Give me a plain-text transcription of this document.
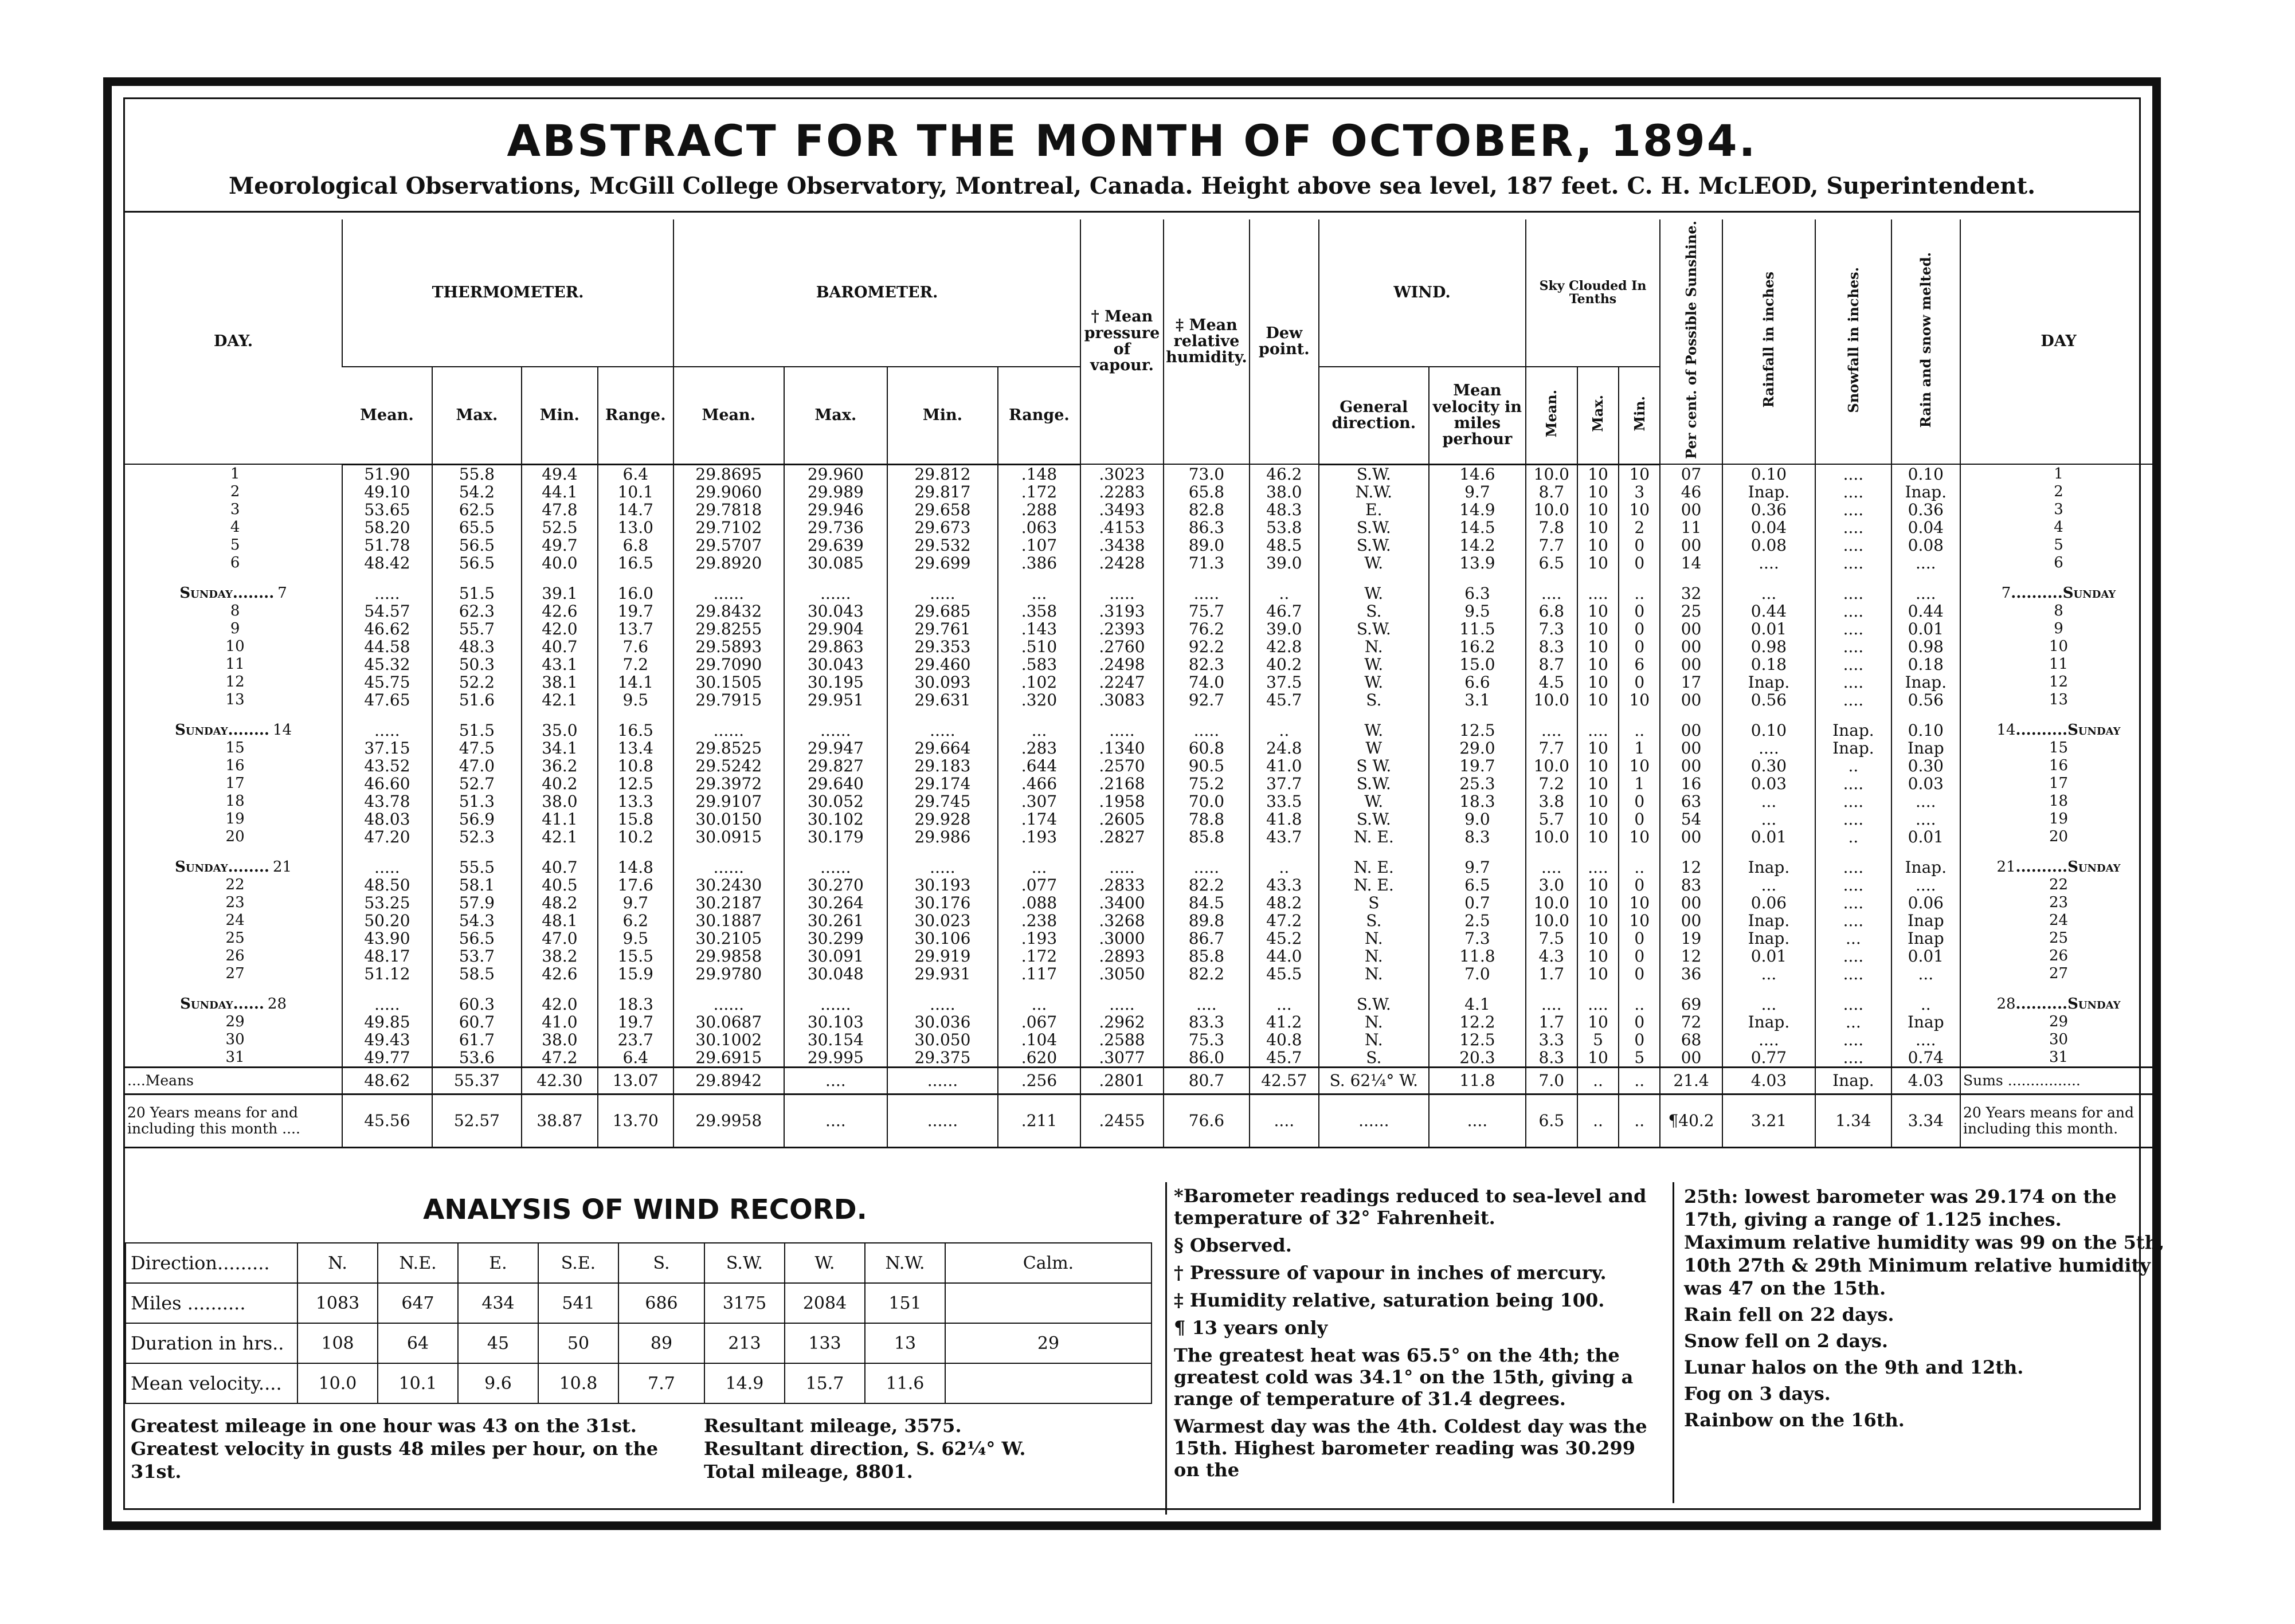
ABSTRACT FOR THE MONTH OF OCTOBER, 1894.
Meorological Observations, McGill College Observatory, Montreal, Canada. Height above sea level, 187 feet. C. H. McLEOD, Superintendent.
DAY.	THERMOMETER.				BAROMETER.				† Mean pressure of vapour.	‡ Mean relative humidity.	Dew point.	WIND.		Sky Clouded In Tenths			Per cent. of Possible Sunshine.	Rainfall in inches	Snowfall in inches.	Rain and snow melted.	DAY
	Mean.	Max.	Min.	Range.	Mean.	Max.	Min.	Range.				General direction.	Mean velocity in miles perhour	Mean.	Max.	Min.					
1	51.90	55.8	49.4	6.4	29.8695	29.960	29.812	.148	.3023	73.0	46.2	S.W.	14.6	10.0	10	10	07	0.10	....	0.10	1
2	49.10	54.2	44.1	10.1	29.9060	29.989	29.817	.172	.2283	65.8	38.0	N.W.	9.7	8.7	10	3	46	Inap.	....	Inap.	2
3	53.65	62.5	47.8	14.7	29.7818	29.946	29.658	.288	.3493	82.8	48.3	E.	14.9	10.0	10	10	00	0.36	....	0.36	3
4	58.20	65.5	52.5	13.0	29.7102	29.736	29.673	.063	.4153	86.3	53.8	S.W.	14.5	7.8	10	2	11	0.04	....	0.04	4
5	51.78	56.5	49.7	6.8	29.5707	29.639	29.532	.107	.3438	89.0	48.5	S.W.	14.2	7.7	10	0	00	0.08	....	0.08	5
6	48.42	56.5	40.0	16.5	29.8920	30.085	29.699	.386	.2428	71.3	39.0	W.	13.9	6.5	10	0	14	....	....	....	6

Sunday........ 7	.....	51.5	39.1	16.0	......	......	.....	...	.....	.....	..	W.	6.3	....	....	..	32	...	....	....	7..........Sunday
8	54.57	62.3	42.6	19.7	29.8432	30.043	29.685	.358	.3193	75.7	46.7	S.	9.5	6.8	10	0	25	0.44	....	0.44	8
9	46.62	55.7	42.0	13.7	29.8255	29.904	29.761	.143	.2393	76.2	39.0	S.W.	11.5	7.3	10	0	00	0.01	....	0.01	9
10	44.58	48.3	40.7	7.6	29.5893	29.863	29.353	.510	.2760	92.2	42.8	N.	16.2	8.3	10	0	00	0.98	....	0.98	10
11	45.32	50.3	43.1	7.2	29.7090	30.043	29.460	.583	.2498	82.3	40.2	W.	15.0	8.7	10	6	00	0.18	....	0.18	11
12	45.75	52.2	38.1	14.1	30.1505	30.195	30.093	.102	.2247	74.0	37.5	W.	6.6	4.5	10	0	17	Inap.	....	Inap.	12
13	47.65	51.6	42.1	9.5	29.7915	29.951	29.631	.320	.3083	92.7	45.7	S.	3.1	10.0	10	10	00	0.56	....	0.56	13

Sunday........ 14	.....	51.5	35.0	16.5	......	......	.....	...	.....	.....	..	W.	12.5	....	....	..	00	0.10	Inap.	0.10	14..........Sunday
15	37.15	47.5	34.1	13.4	29.8525	29.947	29.664	.283	.1340	60.8	24.8	W	29.0	7.7	10	1	00	....	Inap.	Inap	15
16	43.52	47.0	36.2	10.8	29.5242	29.827	29.183	.644	.2570	90.5	41.0	S W.	19.7	10.0	10	10	00	0.30	..	0.30	16
17	46.60	52.7	40.2	12.5	29.3972	29.640	29.174	.466	.2168	75.2	37.7	S.W.	25.3	7.2	10	1	16	0.03	....	0.03	17
18	43.78	51.3	38.0	13.3	29.9107	30.052	29.745	.307	.1958	70.0	33.5	W.	18.3	3.8	10	0	63	...	....	....	18
19	48.03	56.9	41.1	15.8	30.0150	30.102	29.928	.174	.2605	78.8	41.8	S.W.	9.0	5.7	10	0	54	...	....	....	19
20	47.20	52.3	42.1	10.2	30.0915	30.179	29.986	.193	.2827	85.8	43.7	N. E.	8.3	10.0	10	10	00	0.01	..	0.01	20

Sunday........ 21	.....	55.5	40.7	14.8	......	......	.....	...	.....	.....	..	N. E.	9.7	....	....	..	12	Inap.	....	Inap.	21..........Sunday
22	48.50	58.1	40.5	17.6	30.2430	30.270	30.193	.077	.2833	82.2	43.3	N. E.	6.5	3.0	10	0	83	...	....	....	22
23	53.25	57.9	48.2	9.7	30.2187	30.264	30.176	.088	.3400	84.5	48.2	S	0.7	10.0	10	10	00	0.06	....	0.06	23
24	50.20	54.3	48.1	6.2	30.1887	30.261	30.023	.238	.3268	89.8	47.2	S.	2.5	10.0	10	10	00	Inap.	....	Inap	24
25	43.90	56.5	47.0	9.5	30.2105	30.299	30.106	.193	.3000	86.7	45.2	N.	7.3	7.5	10	0	19	Inap.	...	Inap	25
26	48.17	53.7	38.2	15.5	29.9858	30.091	29.919	.172	.2893	85.8	44.0	N.	11.8	4.3	10	0	12	0.01	....	0.01	26
27	51.12	58.5	42.6	15.9	29.9780	30.048	29.931	.117	.3050	82.2	45.5	N.	7.0	1.7	10	0	36	...	....	...	27

Sunday...... 28	.....	60.3	42.0	18.3	......	......	.....	...	.....	....	...	S.W.	4.1	....	....	..	69	...	....	..	28..........Sunday
29	49.85	60.7	41.0	19.7	30.0687	30.103	30.036	.067	.2962	83.3	41.2	N.	12.2	1.7	10	0	72	Inap.	...	Inap	29
30	49.43	61.7	38.0	23.7	30.1002	30.154	30.050	.104	.2588	75.3	40.8	N.	12.5	3.3	5	0	68	....	....	....	30
31	49.77	53.6	47.2	6.4	29.6915	29.995	29.375	.620	.3077	86.0	45.7	S.	20.3	8.3	10	5	00	0.77	....	0.74	31
....Means	48.62	55.37	42.30	13.07	29.8942	....	......	.256	.2801	80.7	42.57	S. 62¼° W.	11.8	7.0	..	..	21.4	4.03	Inap.	4.03	Sums ................
20 Years means for and including this month ....	45.56	52.57	38.87	13.70	29.9958	....	......	.211	.2455	76.6	....	......	....	6.5	..	..	¶40.2	3.21	1.34	3.34	20 Years means for and including this month.
ANALYSIS OF WIND RECORD.
Direction.........	N.	N.E.	E.	S.E.	S.	S.W.	W.	N.W.	Calm.
Miles ..........	1083	647	434	541	686	3175	2084	151	
Duration in hrs..	108	64	45	50	89	213	133	13	29
Mean velocity....	10.0	10.1	9.6	10.8	7.7	14.9	15.7	11.6	
Greatest mileage in one hour was 43 on the 31st.
Greatest velocity in gusts 48 miles per hour, on the 31st.
Resultant mileage, 3575.
Resultant direction, S. 62¼° W.
Total mileage, 8801.

*Barometer readings reduced to sea-level and temperature of 32° Fahrenheit.

§ Observed.

† Pressure of vapour in inches of mercury.

‡ Humidity relative, saturation being 100.

¶ 13 years only

The greatest heat was 65.5° on the 4th; the greatest cold was 34.1° on the 15th, giving a range of temperature of 31.4 degrees.

Warmest day was the 4th. Coldest day was the 15th. Highest barometer reading was 30.299 on the

25th: lowest barometer was 29.174 on the 17th, giving a range of 1.125 inches. Maximum relative humidity was 99 on the 5th, 10th 27th & 29th Minimum relative humidity was 47 on the 15th.

Rain fell on 22 days.

Snow fell on 2 days.

Lunar halos on the 9th and 12th.

Fog on 3 days.

Rainbow on the 16th.
